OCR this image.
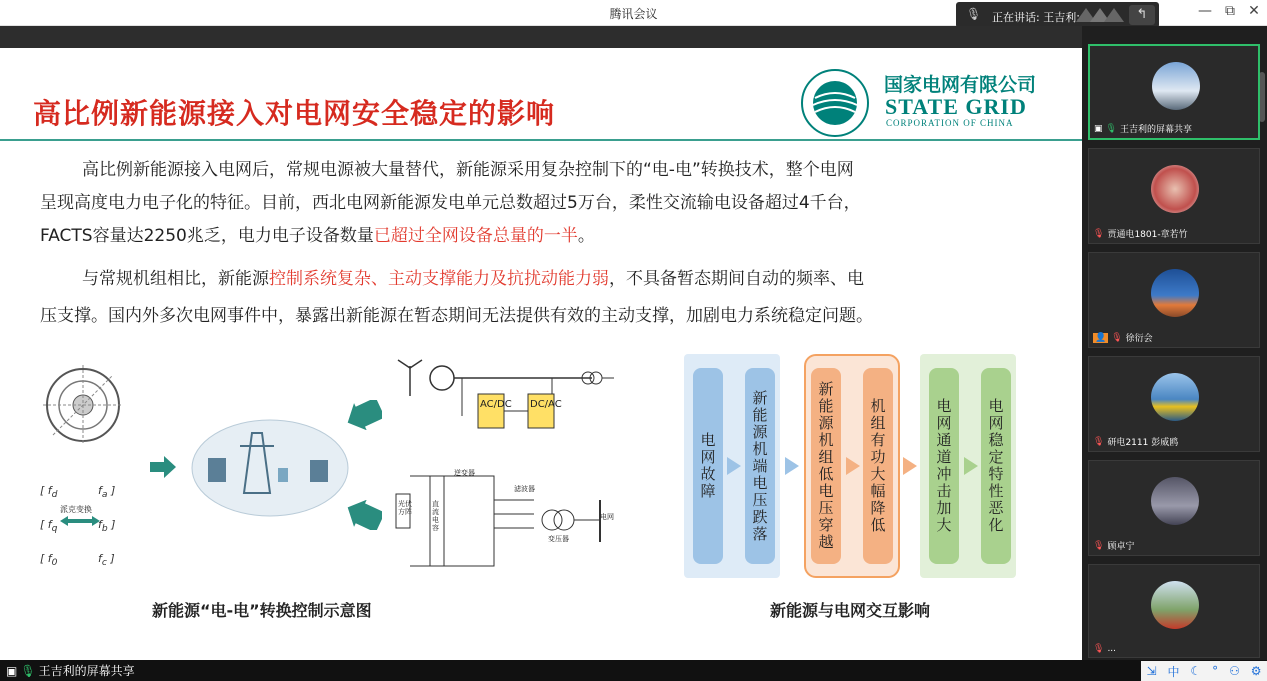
腾讯会议	🎙 正在讲话: 王吉利;	↰	— ⧉ ✕
高比例新能源接入对电网安全稳定的影响
国家电网有限公司
STATE GRID
CORPORATION OF CHINA
高比例新能源接入电网后，常规电源被大量替代，新能源采用复杂控制下的“电-电”转换技术，整个电网
呈现高度电力电子化的特征。目前，西北电网新能源发电单元总数超过5万台，柔性交流输电设备超过4千台，
FACTS容量达2250兆乏，电力电子设备数量已超过全网设备总量的一半。
与常规机组相比，新能源控制系统复杂、主动支撑能力及抗扰动能力弱，不具备暂态期间自动的频率、电
压支撑。国内外多次电网事件中，暴露出新能源在暂态期间无法提供有效的主动支撑，加剧电力系统稳定问题。
[ $f_d$
[ $f_q$
[ $f_0$
$f_a$ ]
$f_b$ ]
$f_c$ ]
派克变换
AC/DC DC/AC
光伏方阵
逆变器
滤波器
变压器
电网
直流电容
新能源“电-电”转换控制示意图
电网故障	新能源机端电压跌落	新能源机组低电压穿越	机组有功大幅降低	电网通道冲击加大	电网稳定特性恶化
新能源与电网交互影响
▣ 🎙 王吉利的屏幕共享
🎙 贾通电1801-章若竹
👤 🎙 徐衍会
🎙 研电2111 彭威鸥
🎙 顾卓宁
🎙 ...
▣ 🎙 王吉利的屏幕共享	⇲ 中 ☾ ° ⚇ ⚙
